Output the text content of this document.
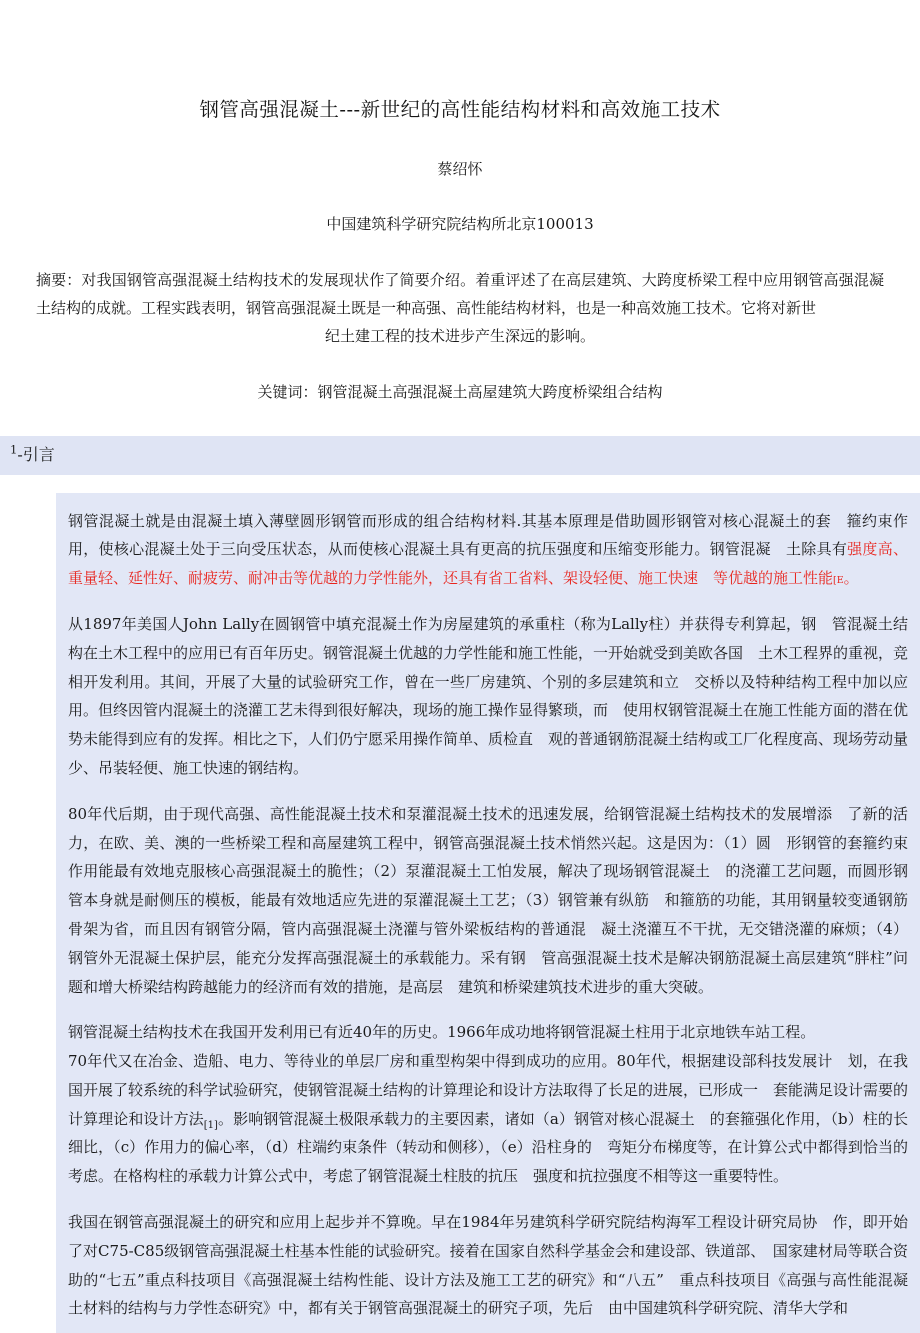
钢管高强混凝土---新世纪的高性能结构材料和高效施工技术
蔡绍怀
中国建筑科学研究院结构所北京100013
摘要：对我国钢管高强混凝土结构技术的发展现状作了简要介绍。着重评述了在高层建筑、大跨度桥梁工程中应用钢管高强混凝土结构的成就。工程实践表明，钢管高强混凝土既是一种高强、高性能结构材料，也是一种高效施工技术。它将对新世
纪土建工程的技术进步产生深远的影响。
关键词：钢管混凝土高强混凝土高屋建筑大跨度桥梁组合结构
$^1$-引言
钢管混凝土就是由混凝土填入薄壁圆形钢管而形成的组合结构材料.其基本原理是借助圆形钢管对核心混凝土的套　箍约束作用，使核心混凝土处于三向受压状态，从而使核心混凝土具有更高的抗压强度和压缩变形能力。钢管混凝　土除具有强度高、重量轻、延性好、耐疲劳、耐冲击等优越的力学性能外，还具有省工省料、架设轻便、施工快速　等优越的施工性能[E。
从1897年美国人John Lally在圆钢管中填充混凝土作为房屋建筑的承重柱（称为Lally柱）并获得专利算起，钢　管混凝土结构在土木工程中的应用已有百年历史。钢管混凝土优越的力学性能和施工性能，一开始就受到美欧各国　土木工程界的重视，竞相开发利用。其间，开展了大量的试验研究工作，曾在一些厂房建筑、个别的多层建筑和立　交桥以及特种结构工程中加以应用。但终因管内混凝土的浇灌工艺未得到很好解决，现场的施工操作显得繁琐，而　使用权钢管混凝土在施工性能方面的潜在优势未能得到应有的发挥。相比之下，人们仍宁愿采用操作简单、质检直　观的普通钢筋混凝土结构或工厂化程度高、现场劳动量少、吊装轻便、施工快速的钢结构。
80年代后期，由于现代高强、高性能混凝土技术和泵灌混凝土技术的迅速发展，给钢管混凝土结构技术的发展增添　了新的活力，在欧、美、澳的一些桥梁工程和高屋建筑工程中，钢管高强混凝土技术悄然兴起。这是因为：（1）圆　形钢管的套箍约束作用能最有效地克服核心高强混凝土的脆性；（2）泵灌混凝土工怕发展，解决了现场钢管混凝土　的浇灌工艺问题，而圆形钢管本身就是耐侧压的模板，能最有效地适应先进的泵灌混凝土工艺；（3）钢管兼有纵筋　和箍筋的功能，其用钢量较变通钢筋骨架为省，而且因有钢管分隔，管内高强混凝土浇灌与管外梁板结构的普通混　凝土浇灌互不干扰，无交错浇灌的麻烦；（4）钢管外无混凝土保护层，能充分发挥高强混凝土的承载能力。采有钢　管高强混凝土技术是解决钢筋混凝土高层建筑“胖柱”问题和增大桥梁结构跨越能力的经济而有效的措施，是高层　建筑和桥梁建筑技术进步的重大突破。
钢管混凝土结构技术在我国开发利用已有近40年的历史。1966年成功地将钢管混凝土柱用于北京地铁车站工程。
70年代又在冶金、造船、电力、等待业的单层厂房和重型构架中得到成功的应用。80年代，根据建设部科技发展计　划，在我国开展了较系统的科学试验研究，使钢管混凝土结构的计算理论和设计方法取得了长足的进展，已形成一　套能满足设计需要的计算理论和设计方法$_{[1]}$。影响钢管混凝土极限承载力的主要因素，诸如（a）钢管对核心混凝土　的套箍强化作用，（b）柱的长细比，（c）作用力的偏心率，（d）柱端约束条件（转动和侧移），（e）沿柱身的　弯矩分布梯度等，在计算公式中都得到恰当的考虑。在格构柱的承载力计算公式中，考虑了钢管混凝土柱肢的抗压　强度和抗拉强度不相等这一重要特性。
我国在钢管高强混凝土的研究和应用上起步并不算晚。早在1984年另建筑科学研究院结构海军工程设计研究局协　作，即开始了对C75-C85级钢管高强混凝土柱基本性能的试验研究。接着在国家自然科学基金会和建设部、铁道部、　国家建材局等联合资助的“七五”重点科技项目《高强混凝土结构性能、设计方法及施工工艺的研究》和“八五”　重点科技项目《高强与高性能混凝土材料的结构与力学性态研究》中，都有关于钢管高强混凝土的研究子项，先后　由中国建筑科学研究院、清华大学和
